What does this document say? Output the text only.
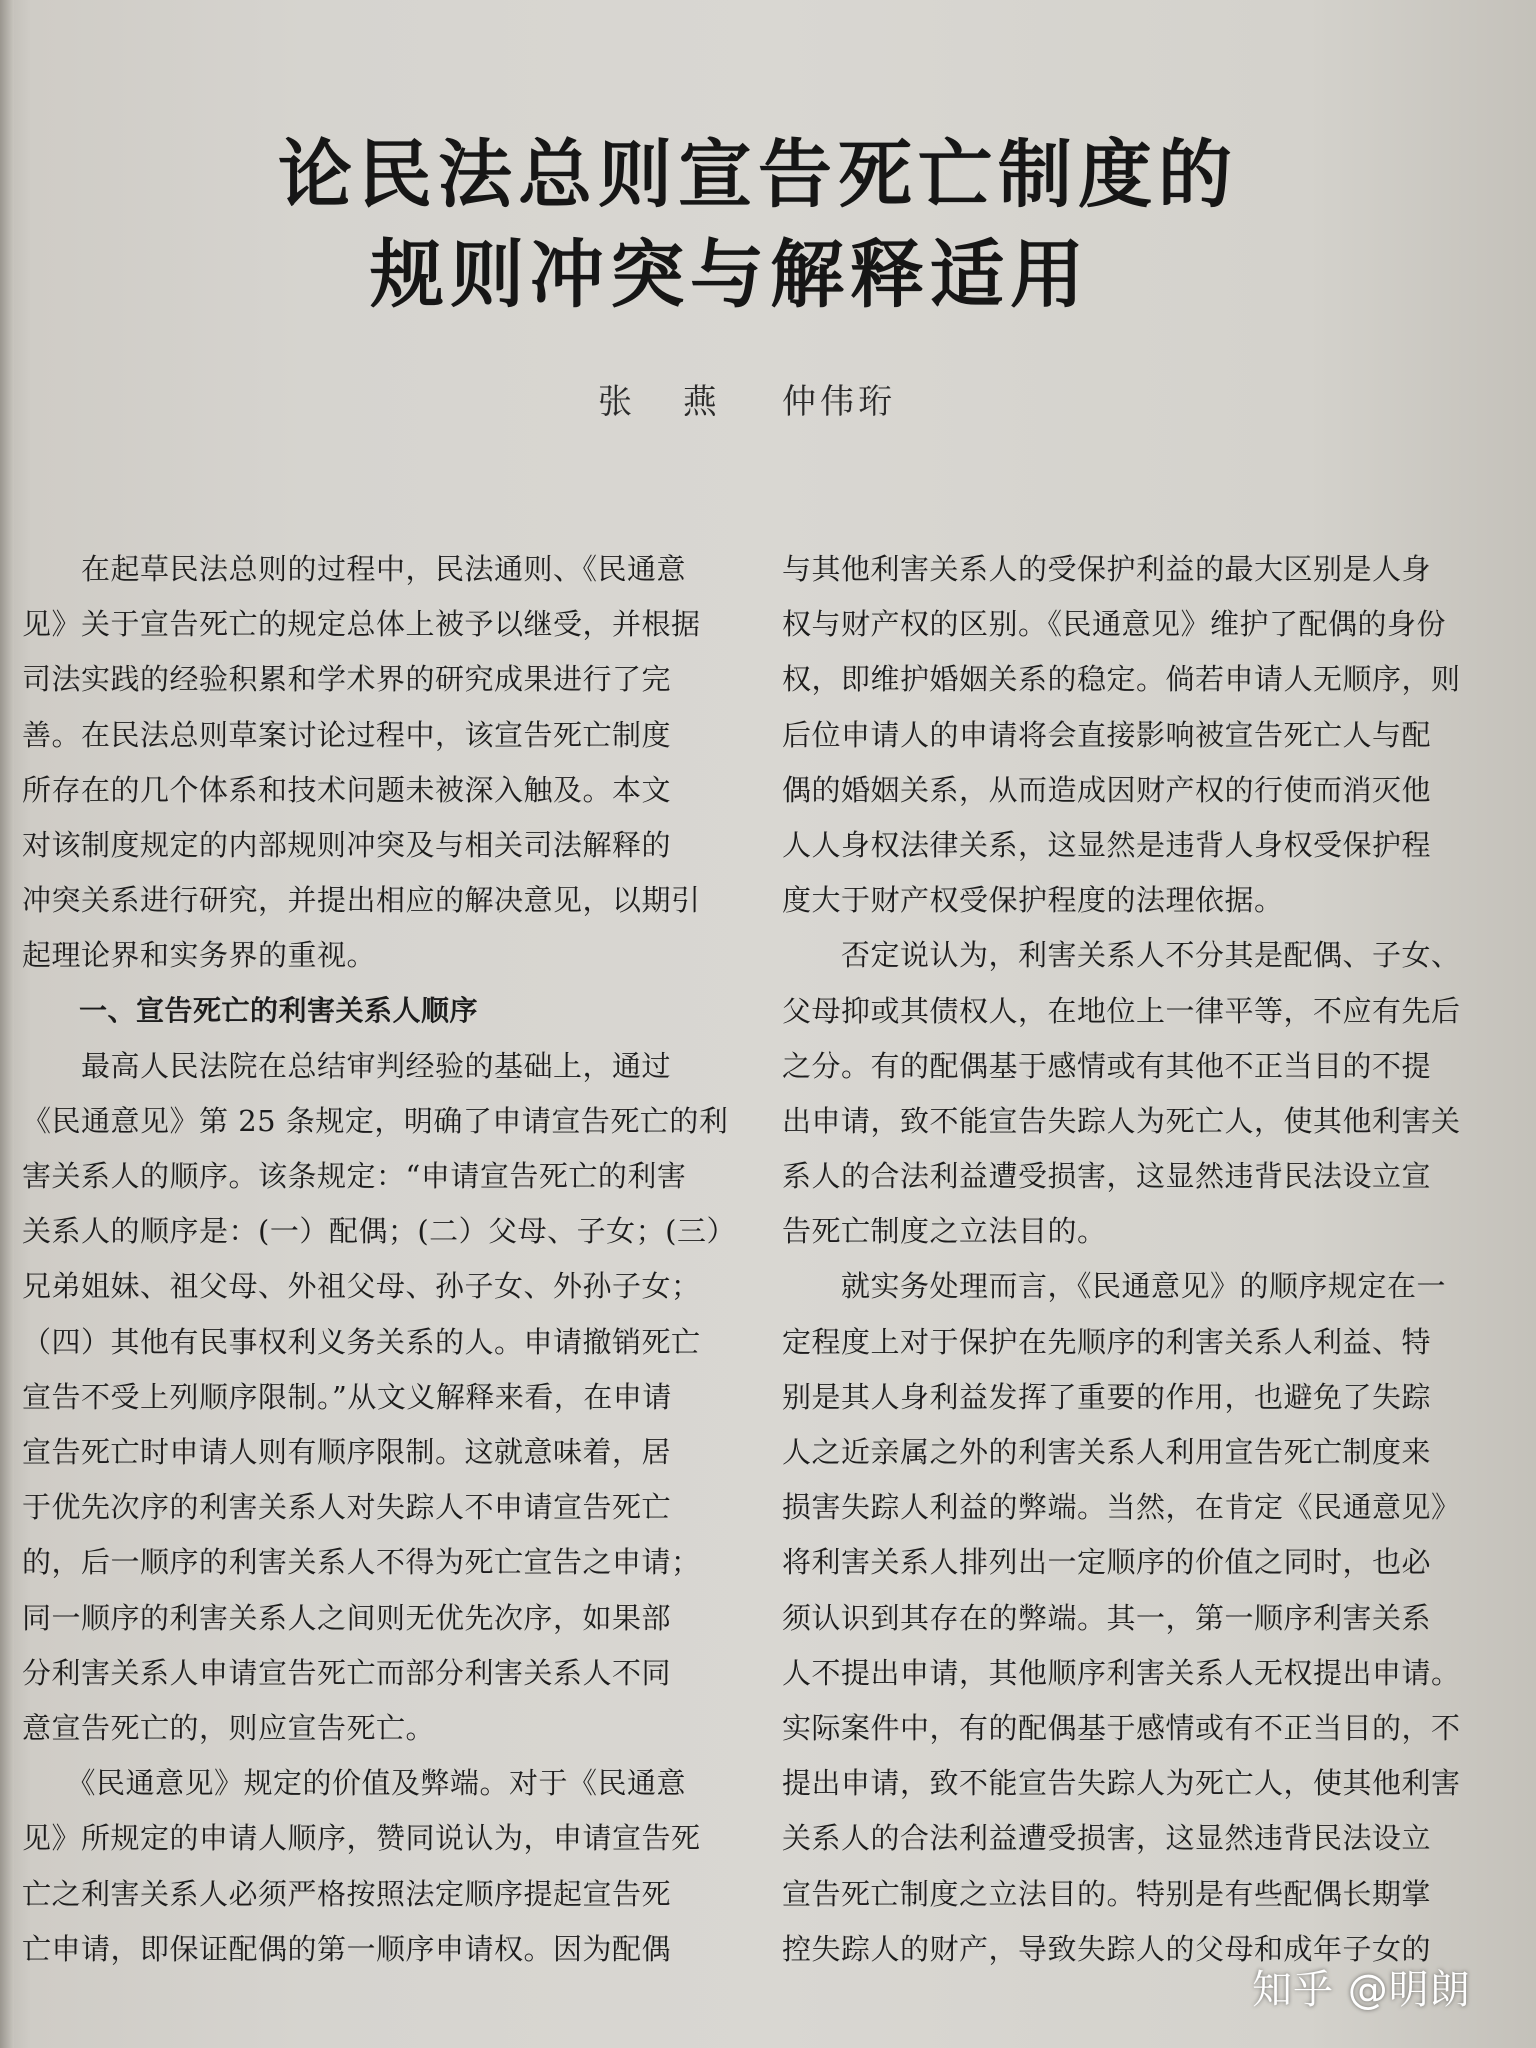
论民法总则宣告死亡制度的
规则冲突与解释适用
张 燕 仲伟珩
　　在起草民法总则的过程中，民法通则、《民通意
见》关于宣告死亡的规定总体上被予以继受，并根据
司法实践的经验积累和学术界的研究成果进行了完
善。在民法总则草案讨论过程中，该宣告死亡制度
所存在的几个体系和技术问题未被深入触及。本文
对该制度规定的内部规则冲突及与相关司法解释的
冲突关系进行研究，并提出相应的解决意见，以期引
起理论界和实务界的重视。
　　一、宣告死亡的利害关系人顺序
　　最高人民法院在总结审判经验的基础上，通过
《民通意见》第 25 条规定，明确了申请宣告死亡的利
害关系人的顺序。该条规定：“申请宣告死亡的利害
关系人的顺序是：(一）配偶；(二）父母、子女；(三）
兄弟姐妹、祖父母、外祖父母、孙子女、外孙子女；
（四）其他有民事权利义务关系的人。申请撤销死亡
宣告不受上列顺序限制。”从文义解释来看，在申请
宣告死亡时申请人则有顺序限制。这就意味着，居
于优先次序的利害关系人对失踪人不申请宣告死亡
的，后一顺序的利害关系人不得为死亡宣告之申请；
同一顺序的利害关系人之间则无优先次序，如果部
分利害关系人申请宣告死亡而部分利害关系人不同
意宣告死亡的，则应宣告死亡。
　　《民通意见》规定的价值及弊端。对于《民通意
见》所规定的申请人顺序，赞同说认为，申请宣告死
亡之利害关系人必须严格按照法定顺序提起宣告死
亡申请，即保证配偶的第一顺序申请权。因为配偶
与其他利害关系人的受保护利益的最大区别是人身
权与财产权的区别。《民通意见》维护了配偶的身份
权，即维护婚姻关系的稳定。倘若申请人无顺序，则
后位申请人的申请将会直接影响被宣告死亡人与配
偶的婚姻关系，从而造成因财产权的行使而消灭他
人人身权法律关系，这显然是违背人身权受保护程
度大于财产权受保护程度的法理依据。
　　否定说认为，利害关系人不分其是配偶、子女、
父母抑或其债权人，在地位上一律平等，不应有先后
之分。有的配偶基于感情或有其他不正当目的不提
出申请，致不能宣告失踪人为死亡人，使其他利害关
系人的合法利益遭受损害，这显然违背民法设立宣
告死亡制度之立法目的。
　　就实务处理而言，《民通意见》的顺序规定在一
定程度上对于保护在先顺序的利害关系人利益、特
别是其人身利益发挥了重要的作用，也避免了失踪
人之近亲属之外的利害关系人利用宣告死亡制度来
损害失踪人利益的弊端。当然，在肯定《民通意见》
将利害关系人排列出一定顺序的价值之同时，也必
须认识到其存在的弊端。其一，第一顺序利害关系
人不提出申请，其他顺序利害关系人无权提出申请。
实际案件中，有的配偶基于感情或有不正当目的，不
提出申请，致不能宣告失踪人为死亡人，使其他利害
关系人的合法利益遭受损害，这显然违背民法设立
宣告死亡制度之立法目的。特别是有些配偶长期掌
控失踪人的财产，导致失踪人的父母和成年子女的
知乎 @明朗
